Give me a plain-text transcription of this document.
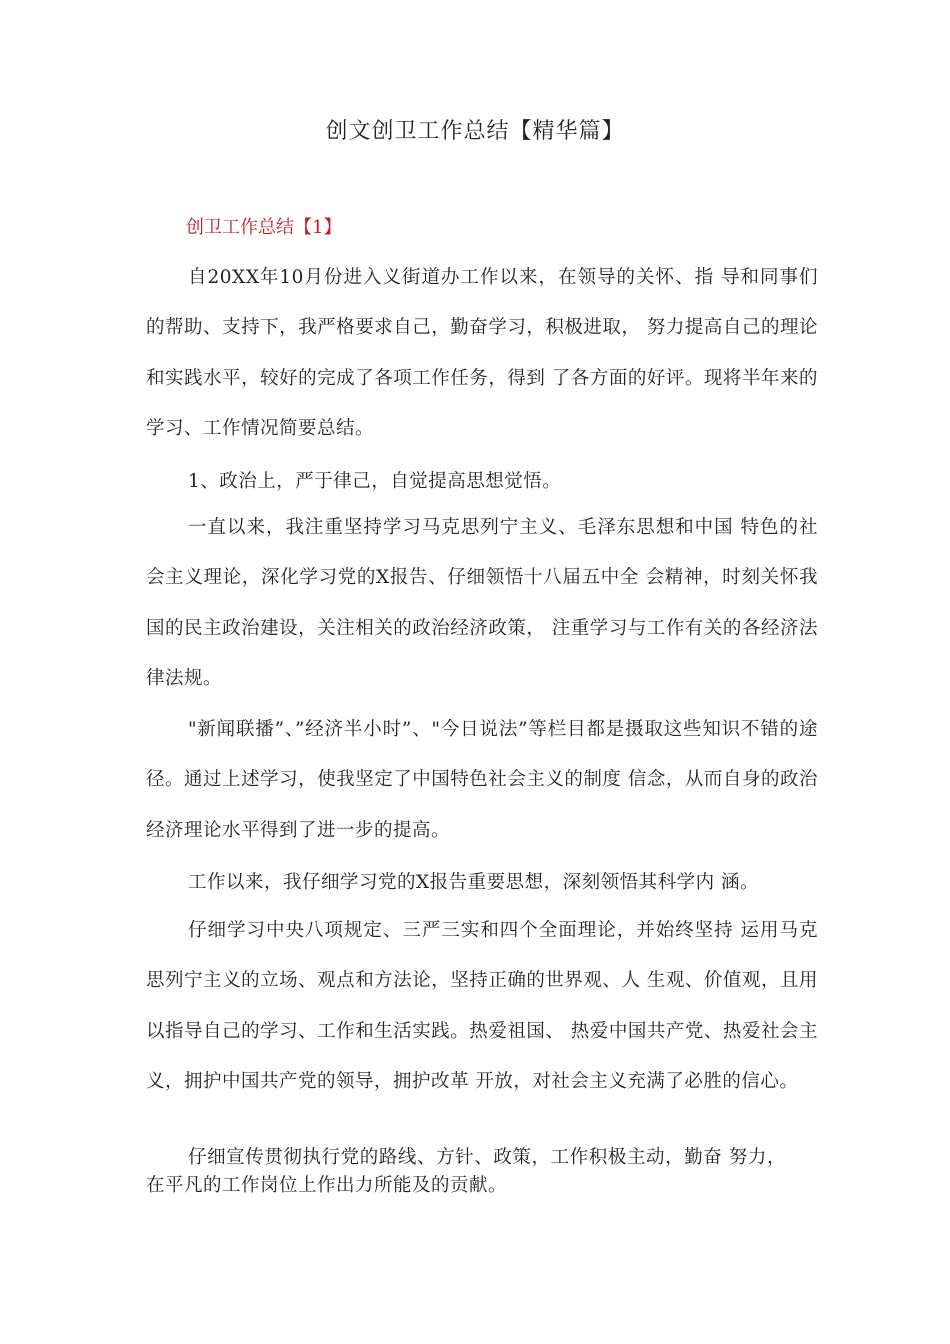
创文创卫工作总结【精华篇】
创卫工作总结【1】
自20XX年10月份进入义街道办工作以来，在领导的关怀、指 导和同事们的帮助、支持下，我严格要求自己，勤奋学习，积极进取， 努力提高自己的理论和实践水平，较好的完成了各项工作任务，得到 了各方面的好评。现将半年来的学习、工作情况简要总结。
1、政治上，严于律己，自觉提高思想觉悟。
一直以来，我注重坚持学习马克思列宁主义、毛泽东思想和中国 特色的社会主义理论，深化学习党的X报告、仔细领悟十八届五中全 会精神，时刻关怀我国的民主政治建设，关注相关的政治经济政策， 注重学习与工作有关的各经济法律法规。
"新闻联播”、”经济半小时”、"今日说法”等栏目都是摄取这些知识不错的途径。通过上述学习，使我坚定了中国特色社会主义的制度 信念，从而自身的政治经济理论水平得到了进一步的提高。
工作以来，我仔细学习党的X报告重要思想，深刻领悟其科学内 涵。
仔细学习中央八项规定、三严三实和四个全面理论，并始终坚持 运用马克思列宁主义的立场、观点和方法论，坚持正确的世界观、人 生观、价值观，且用以指导自己的学习、工作和生活实践。热爱祖国、 热爱中国共产党、热爱社会主义，拥护中国共产党的领导，拥护改革 开放，对社会主义充满了必胜的信心。
仔细宣传贯彻执行党的路线、方针、政策，工作积极主动，勤奋 努力，在平凡的工作岗位上作出力所能及的贡献。
